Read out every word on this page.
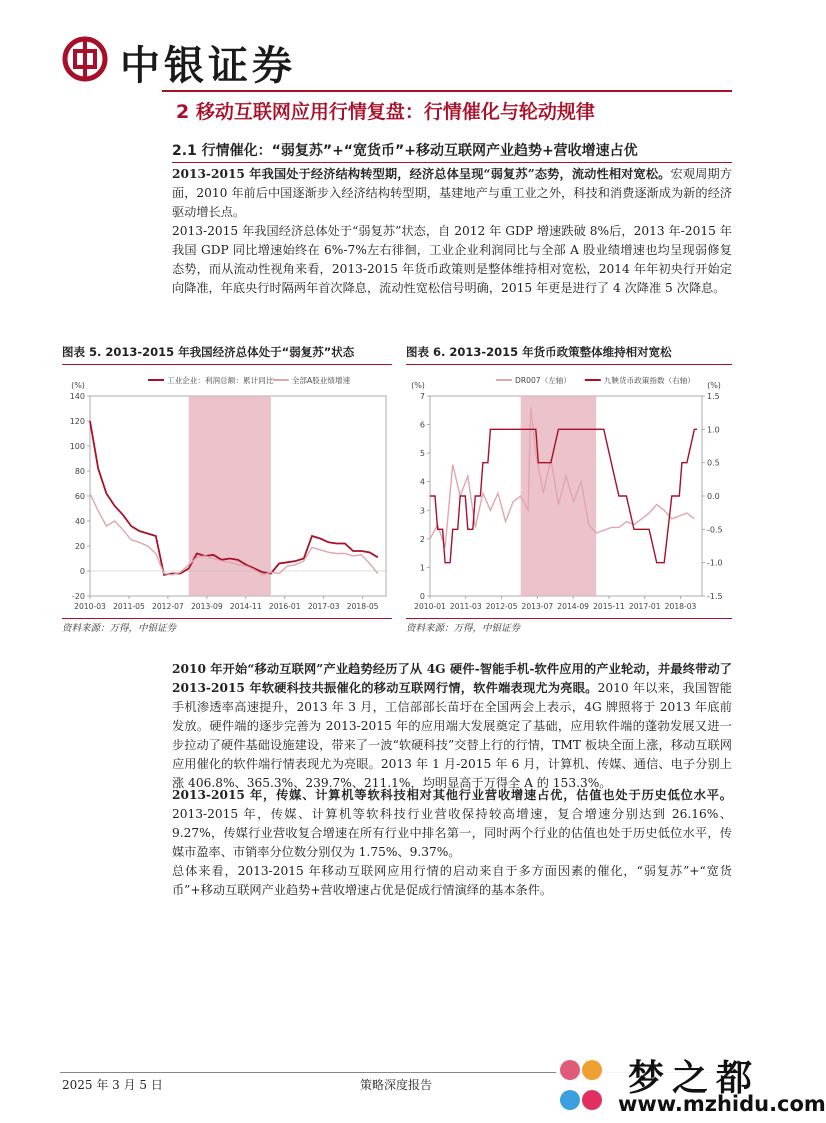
中银证券
2 移动互联网应用行情复盘：行情催化与轮动规律
2.1 行情催化：“弱复苏”+“宽货币”+移动互联网产业趋势+营收增速占优
2013-2015 年我国处于经济结构转型期，经济总体呈现“弱复苏”态势，流动性相对宽松。宏观周期方面，2010 年前后中国逐渐步入经济结构转型期，基建地产与重工业之外，科技和消费逐渐成为新的经济驱动增长点。
2013-2015 年我国经济总体处于“弱复苏”状态，自 2012 年 GDP 增速跌破 8%后，2013 年-2015 年我国 GDP 同比增速始终在 6%-7%左右徘徊，工业企业利润同比与全部 A 股业绩增速也均呈现弱修复态势，而从流动性视角来看，2013-2015 年货币政策则是整体维持相对宽松，2014 年年初央行开始定向降准，年底央行时隔两年首次降息，流动性宽松信号明确，2015 年更是进行了 4 次降准 5 次降息。
图表 5. 2013-2015 年我国经济总体处于“弱复苏”状态
-20
0
20
40
60
80
100
120
140
(%)
2010-03 2011-05 2012-07 2013-09 2014-11 2016-01 2017-03 2018-05
工业企业：利润总额：累计同比 全部A股业绩增速
资料来源：万得，中银证券
图表 6. 2013-2015 年货币政策整体维持相对宽松
0
1
2
3
4
5
6
7
(%)
-1.5
-1.0
-0.5
0.0
0.5
1.0
1.5
(%)
2010-01 2011-03 2012-05 2013-07 2014-09 2015-11 2017-01 2018-03
DR007（左轴）	九鞅货币政策指数（右轴）
资料来源：万得，中银证券
2010 年开始“移动互联网”产业趋势经历了从 4G 硬件-智能手机-软件应用的产业轮动，并最终带动了 2013-2015 年软硬科技共振催化的移动互联网行情，软件端表现尤为亮眼。2010 年以来，我国智能手机渗透率高速提升，2013 年 3 月，工信部部长苗圩在全国两会上表示，4G 牌照将于 2013 年底前发放。硬件端的逐步完善为 2013-2015 年的应用端大发展奠定了基础，应用软件端的蓬勃发展又进一步拉动了硬件基础设施建设，带来了一波“软硬科技”交替上行的行情，TMT 板块全面上涨，移动互联网应用催化的软件端行情表现尤为亮眼。2013 年 1 月-2015 年 6 月，计算机、传媒、通信、电子分别上涨 406.8%、365.3%、239.7%、211.1%，均明显高于万得全 A 的 153.3%。
2013-2015 年，传媒、计算机等软科技相对其他行业营收增速占优，估值也处于历史低位水平。2013-2015 年，传媒、计算机等软科技行业营收保持较高增速，复合增速分别达到 26.16%、9.27%，传媒行业营收复合增速在所有行业中排名第一，同时两个行业的估值也处于历史低位水平，传媒市盈率、市销率分位数分别仅为 1.75%、9.37%。
总体来看，2013-2015 年移动互联网应用行情的启动来自于多方面因素的催化，“弱复苏”+“宽货币”+移动互联网产业趋势+营收增速占优是促成行情演绎的基本条件。
2025 年 3 月 5 日	策略深度报告	梦之都
www.mzhidu.com
